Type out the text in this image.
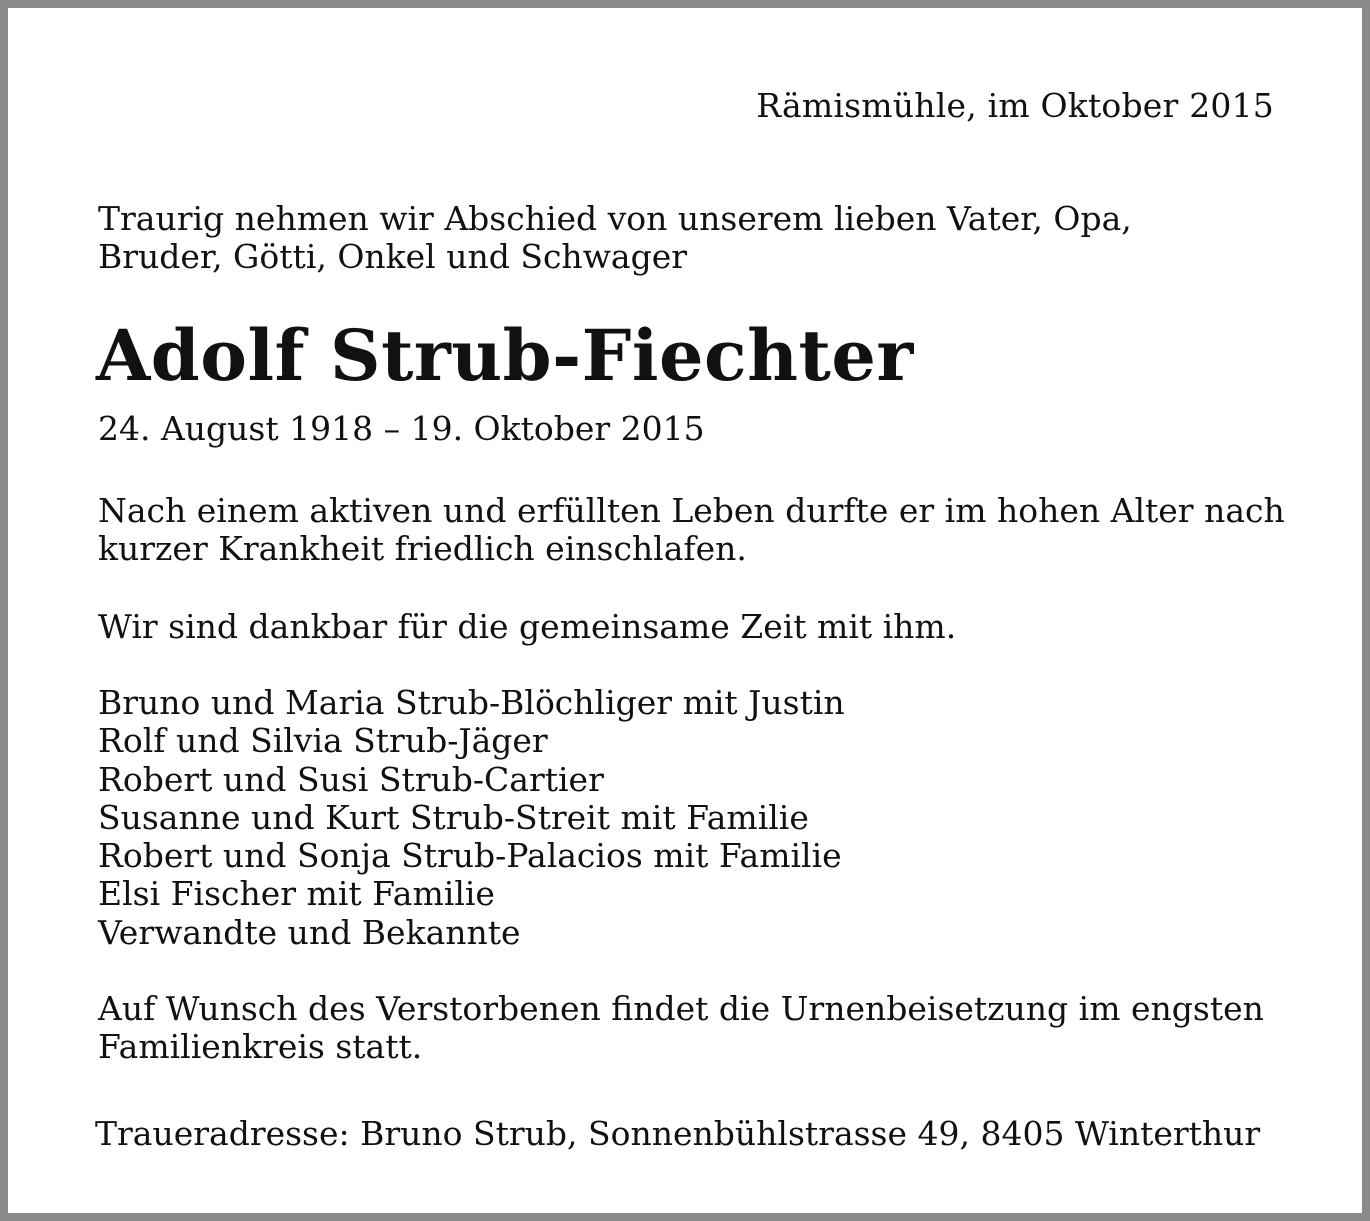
Rämismühle, im Oktober 2015
Traurig nehmen wir Abschied von unserem lieben Vater, Opa,
Bruder, Götti, Onkel und Schwager
Adolf Strub-Fiechter
24. August 1918 – 19. Oktober 2015
Nach einem aktiven und erfüllten Leben durfte er im hohen Alter nach
kurzer Krankheit friedlich einschlafen.
Wir sind dankbar für die gemeinsame Zeit mit ihm.
Bruno und Maria Strub-Blöchliger mit Justin
Rolf und Silvia Strub-Jäger
Robert und Susi Strub-Cartier
Susanne und Kurt Strub-Streit mit Familie
Robert und Sonja Strub-Palacios mit Familie
Elsi Fischer mit Familie
Verwandte und Bekannte
Auf Wunsch des Verstorbenen findet die Urnenbeisetzung im engsten
Familienkreis statt.
Traueradresse: Bruno Strub, Sonnenbühlstrasse 49, 8405 Winterthur
